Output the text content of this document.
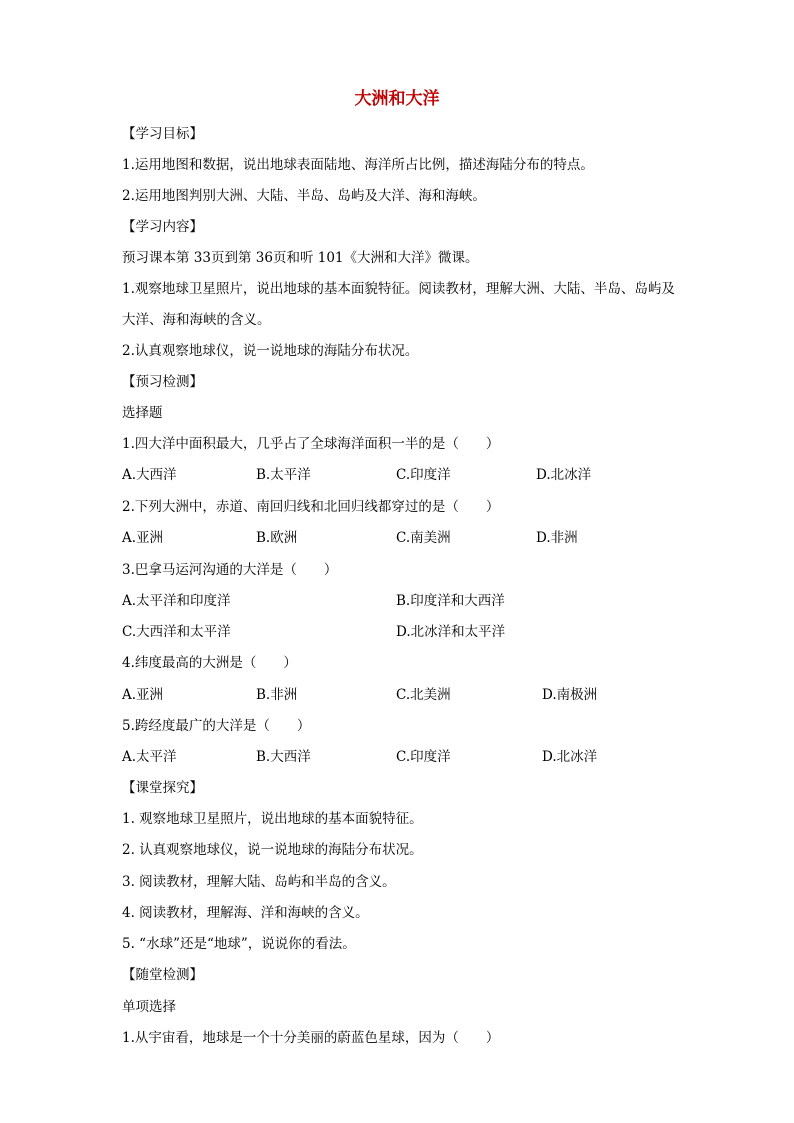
大洲和大洋

【学习目标】

1.运用地图和数据，说出地球表面陆地、海洋所占比例，描述海陆分布的特点。

2.运用地图判别大洲、大陆、半岛、岛屿及大洋、海和海峡。

【学习内容】

预习课本第 33页到第 36页和听 101《大洲和大洋》微课。

1.观察地球卫星照片，说出地球的基本面貌特征。阅读教材，理解大洲、大陆、半岛、岛屿及

大洋、海和海峡的含义。

2.认真观察地球仪，说一说地球的海陆分布状况。

【预习检测】

选择题

1.四大洋中面积最大，几乎占了全球海洋面积一半的是（　　）

A.大西洋	B.太平洋	C.印度洋	D.北冰洋

2.下列大洲中，赤道、南回归线和北回归线都穿过的是（　　）

A.亚洲	B.欧洲	C.南美洲	D.非洲

3.巴拿马运河沟通的大洋是（　　）

A.太平洋和印度洋	B.印度洋和大西洋
C.大西洋和太平洋	D.北冰洋和太平洋

4.纬度最高的大洲是（　　）

A.亚洲	B.非洲	C.北美洲	D.南极洲

5.跨经度最广的大洋是（　　）

A.太平洋	B.大西洋	C.印度洋	D.北冰洋

【课堂探究】

1. 观察地球卫星照片，说出地球的基本面貌特征。

2. 认真观察地球仪，说一说地球的海陆分布状况。

3. 阅读教材，理解大陆、岛屿和半岛的含义。

4. 阅读教材，理解海、洋和海峡的含义。

5. “水球”还是“地球”，说说你的看法。

【随堂检测】

单项选择

1.从宇宙看，地球是一个十分美丽的蔚蓝色星球，因为（　　）
